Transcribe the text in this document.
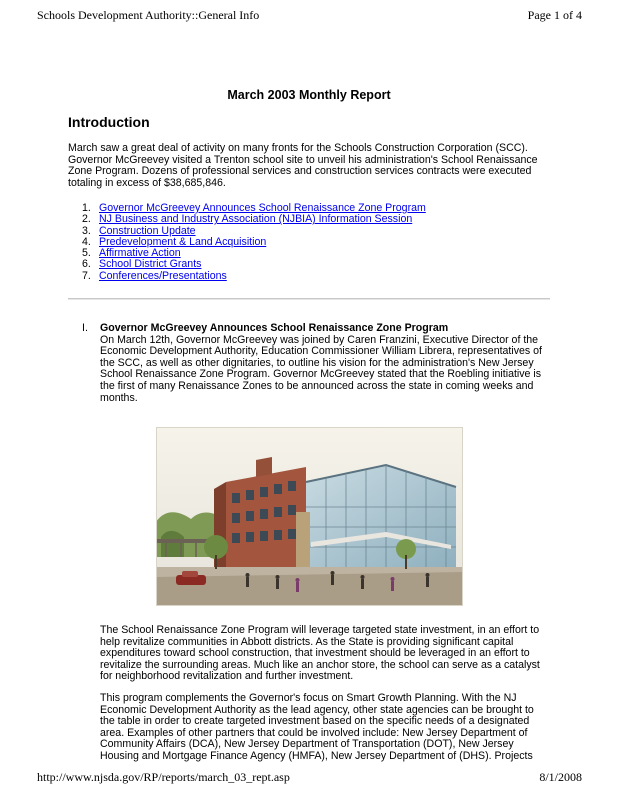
Schools Development Authority::General Info	Page 1 of 4
March 2003 Monthly Report
Introduction
March saw a great deal of activity on many fronts for the Schools Construction Corporation (SCC). Governor McGreevey visited a Trenton school site to unveil his administration's School Renaissance Zone Program. Dozens of professional services and construction services contracts were executed totaling in excess of $38,685,846.
1. Governor McGreevey Announces School Renaissance Zone Program
2. NJ Business and Industry Association (NJBIA) Information Session
3. Construction Update
4. Predevelopment & Land Acquisition
5. Affirmative Action
6. School District Grants
7. Conferences/Presentations
I.	Governor McGreevey Announces School Renaissance Zone Program
On March 12th, Governor McGreevey was joined by Caren Franzini, Executive Director of the Economic Development Authority, Education Commissioner William Librera, representatives of the SCC, as well as other dignitaries, to outline his vision for the administration's New Jersey School Renaissance Zone Program. Governor McGreevey stated that the Roebling initiative is the first of many Renaissance Zones to be announced across the state in coming weeks and months.
The School Renaissance Zone Program will leverage targeted state investment, in an effort to help revitalize communities in Abbott districts. As the State is providing significant capital expenditures toward school construction, that investment should be leveraged in an effort to revitalize the surrounding areas. Much like an anchor store, the school can serve as a catalyst for neighborhood revitalization and further investment.
This program complements the Governor's focus on Smart Growth Planning. With the NJ Economic Development Authority as the lead agency, other state agencies can be brought to the table in order to create targeted investment based on the specific needs of a designated area. Examples of other partners that could be involved include: New Jersey Department of Community Affairs (DCA), New Jersey Department of Transportation (DOT), New Jersey Housing and Mortgage Finance Agency (HMFA), New Jersey Department of (DHS). Projects
http://www.njsda.gov/RP/reports/march_03_rept.asp	8/1/2008
